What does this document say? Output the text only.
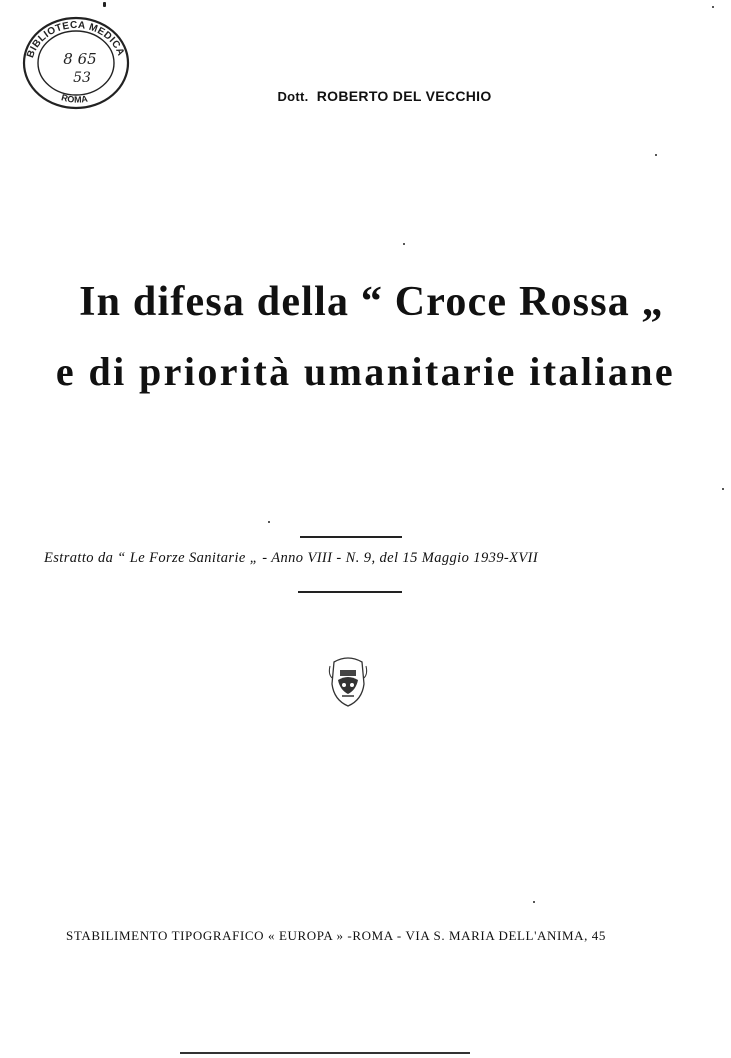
BIBLIOTECA MEDICA
ROMA
8 65
53
Dott. ROBERTO DEL VECCHIO
In difesa della “ Croce Rossa „
e di priorità umanitarie italiane
Estratto da “ Le Forze Sanitarie „ - Anno VIII - N. 9, del 15 Maggio 1939-XVII
STABILIMENTO TIPOGRAFICO « EUROPA » -ROMA - VIA S. MARIA DELL'ANIMA, 45
